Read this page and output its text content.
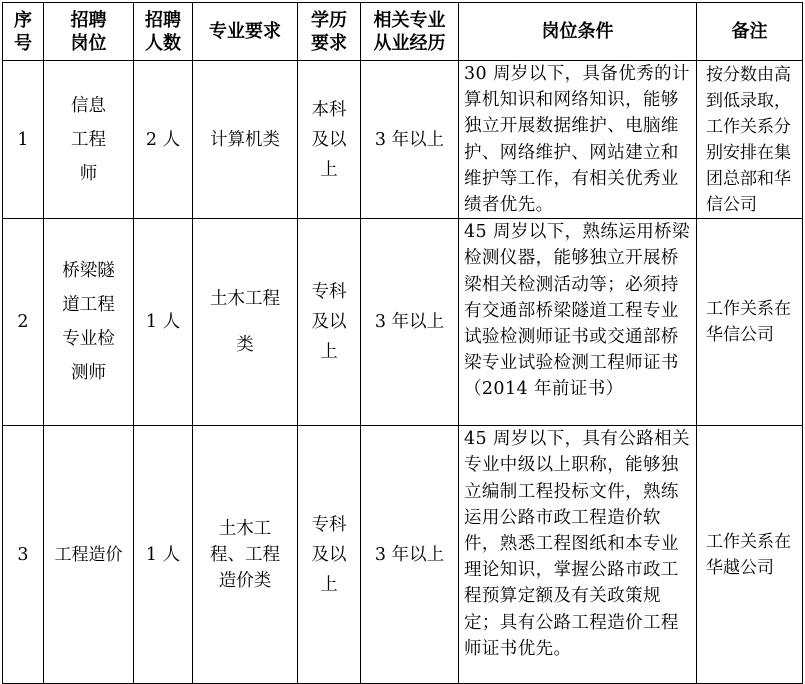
序号	招聘岗位	招聘人数	专业要求	学历要求	相关专业从业经历	岗位条件	备注
1	信息工程师	2 人	计算机类	本科及以上	3 年以上	30 周岁以下，具备优秀的计算机知识和网络知识，能够独立开展数据维护、电脑维护、网络维护、网站建立和维护等工作，有相关优秀业绩者优先。	按分数由高到低录取，工作关系分别安排在集团总部和华信公司
2	桥梁隧道工程专业检测师	1 人	土木工程类	专科及以上	3 年以上	45 周岁以下，熟练运用桥梁检测仪器，能够独立开展桥梁相关检测活动等；必须持有交通部桥梁隧道工程专业试验检测师证书或交通部桥梁专业试验检测工程师证书（2014 年前证书）	工作关系在华信公司
3	工程造价	1 人	土木工程、工程造价类	专科及以上	3 年以上	45 周岁以下，具有公路相关专业中级以上职称，能够独立编制工程投标文件，熟练运用公路市政工程造价软件，熟悉工程图纸和本专业理论知识，掌握公路市政工程预算定额及有关政策规定；具有公路工程造价工程师证书优先。	工作关系在华越公司
